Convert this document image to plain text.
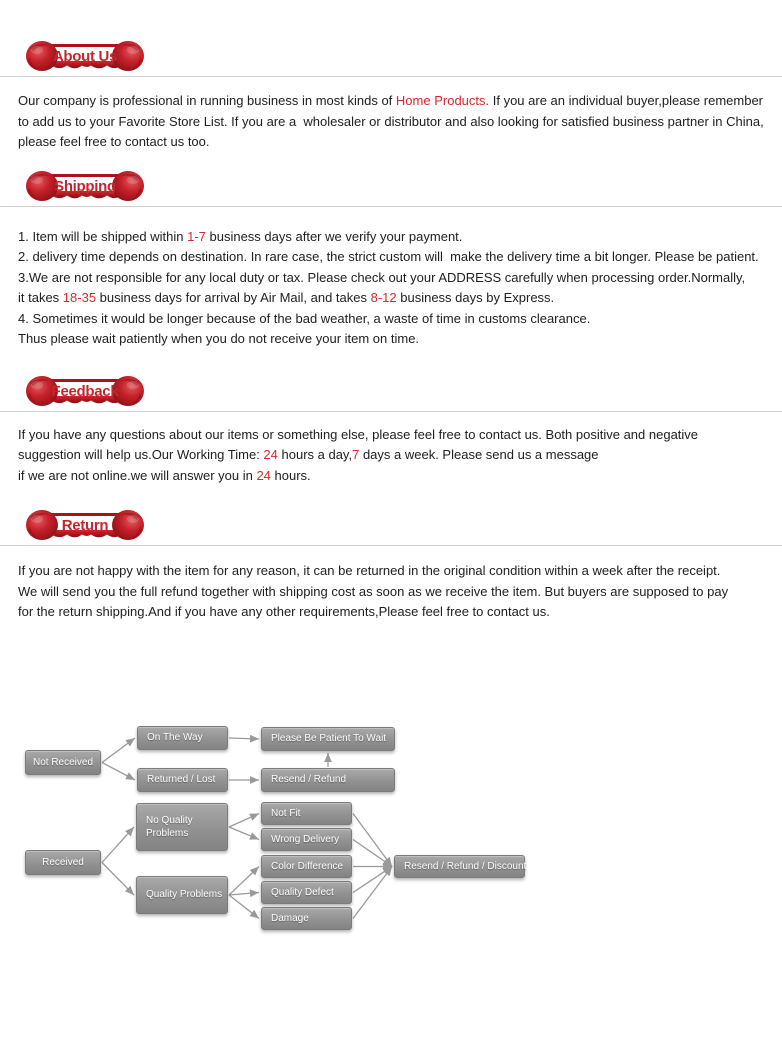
About Us
Our company is professional in running business in most kinds of Home Products. If you are an individual buyer,please remember
to add us to your Favorite Store List. If you are a  wholesaler or distributor and also looking for satisfied business partner in China,
please feel free to contact us too.
Shipping
1. Item will be shipped within 1-7 business days after we verify your payment.
2. delivery time depends on destination. In rare case, the strict custom will  make the delivery time a bit longer. Please be patient.
3.We are not responsible for any local duty or tax. Please check out your ADDRESS carefully when processing order.Normally,
it takes 18-35 business days for arrival by Air Mail, and takes 8-12 business days by Express.
4. Sometimes it would be longer because of the bad weather, a waste of time in customs clearance.
Thus please wait patiently when you do not receive your item on time.
Feedback
If you have any questions about our items or something else, please feel free to contact us. Both positive and negative
suggestion will help us.Our Working Time: 24 hours a day,7 days a week. Please send us a message
if we are not online.we will answer you in 24 hours.
Return
If you are not happy with the item for any reason, it can be returned in the original condition within a week after the receipt.
We will send you the full refund together with shipping cost as soon as we receive the item. But buyers are supposed to pay
for the return shipping.And if you have any other requirements,Please feel free to contact us.
Not Received
On The Way	Please Be Patient To Wait
Returned / Lost	Resend / Refund
Received
No Quality Problems
Quality Problems
Not Fit
Wrong Delivery
Color Difference
Quality Defect
Damage
Resend / Refund / Discount
